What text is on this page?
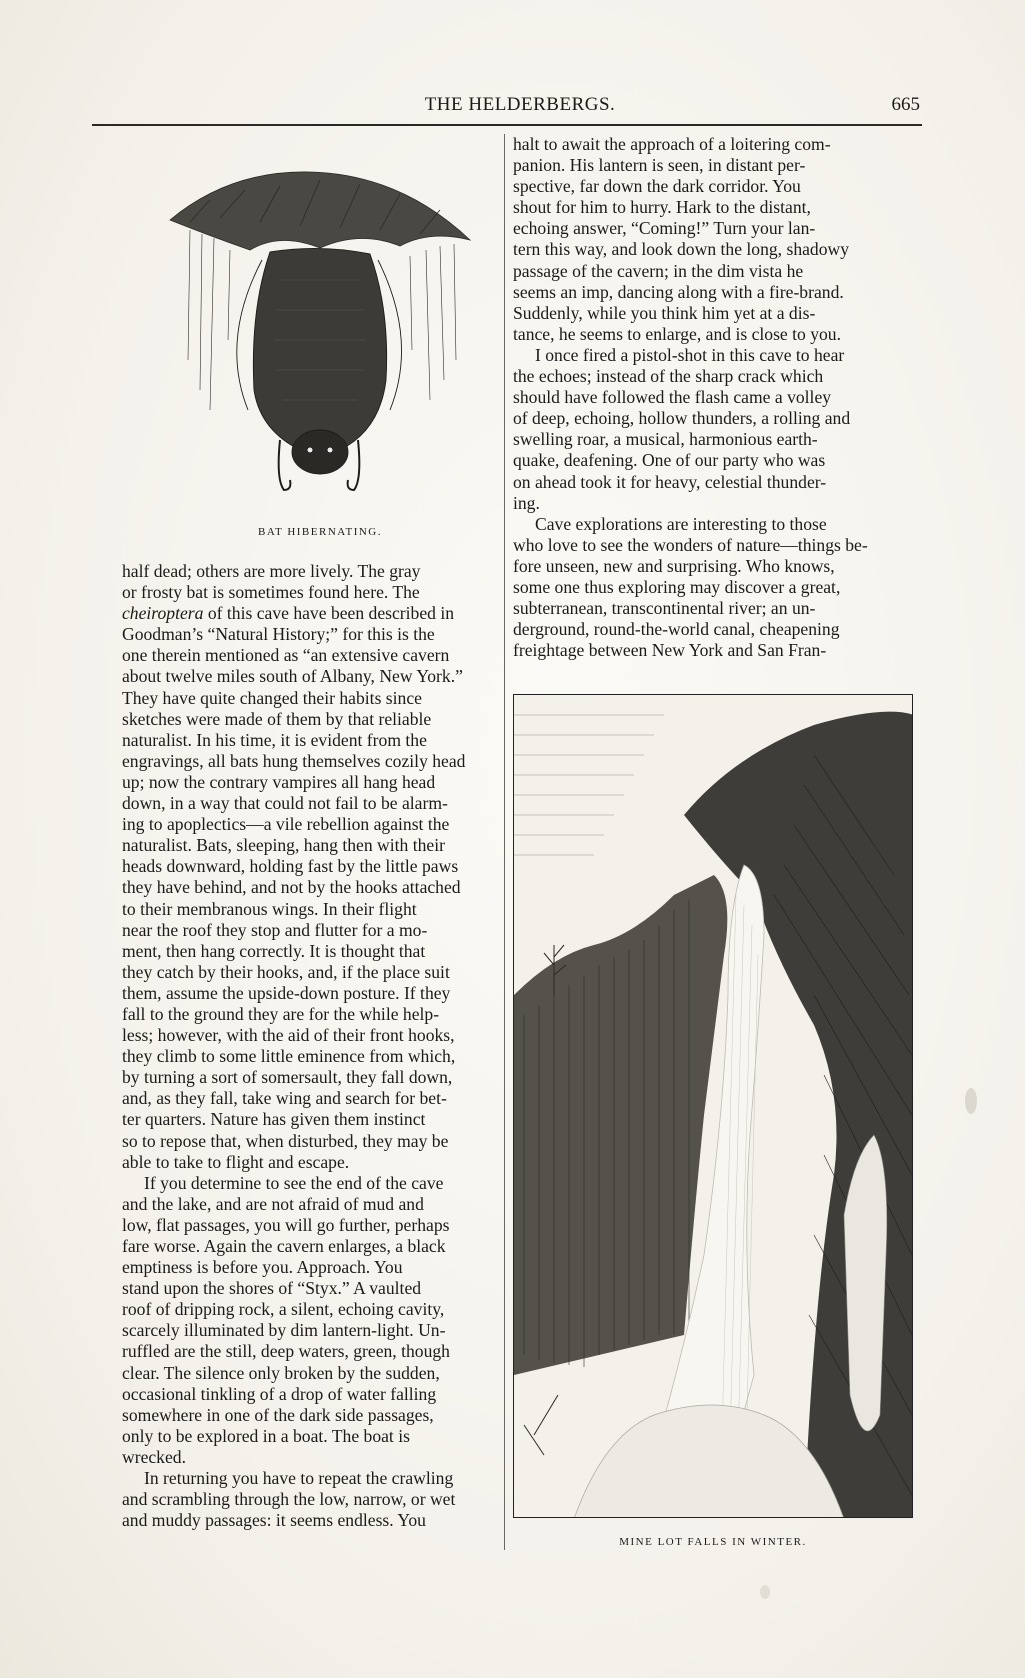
THE HELDERBERGS.	665
BAT HIBERNATING.

half dead; others are more lively. The gray
or frosty bat is sometimes found here. The
cheiroptera of this cave have been described in
Goodman’s “Natural History;” for this is the
one therein mentioned as “an extensive cavern
about twelve miles south of Albany, New York.”
They have quite changed their habits since
sketches were made of them by that reliable
naturalist. In his time, it is evident from the
engravings, all bats hung themselves cozily head
up; now the contrary vampires all hang head
down, in a way that could not fail to be alarm-
ing to apoplectics—a vile rebellion against the
naturalist. Bats, sleeping, hang then with their
heads downward, holding fast by the little paws
they have behind, and not by the hooks attached
to their membranous wings. In their flight
near the roof they stop and flutter for a mo-
ment, then hang correctly. It is thought that
they catch by their hooks, and, if the place suit
them, assume the upside-down posture. If they
fall to the ground they are for the while help-
less; however, with the aid of their front hooks,
they climb to some little eminence from which,
by turning a sort of somersault, they fall down,
and, as they fall, take wing and search for bet-
ter quarters. Nature has given them instinct
so to repose that, when disturbed, they may be
able to take to flight and escape.

If you determine to see the end of the cave
and the lake, and are not afraid of mud and
low, flat passages, you will go further, perhaps
fare worse. Again the cavern enlarges, a black
emptiness is before you. Approach. You
stand upon the shores of “Styx.” A vaulted
roof of dripping rock, a silent, echoing cavity,
scarcely illuminated by dim lantern-light. Un-
ruffled are the still, deep waters, green, though
clear. The silence only broken by the sudden,
occasional tinkling of a drop of water falling
somewhere in one of the dark side passages,
only to be explored in a boat. The boat is
wrecked.

In returning you have to repeat the crawling
and scrambling through the low, narrow, or wet
and muddy passages: it seems endless. You

halt to await the approach of a loitering com-
panion. His lantern is seen, in distant per-
spective, far down the dark corridor. You
shout for him to hurry. Hark to the distant,
echoing answer, “Coming!” Turn your lan-
tern this way, and look down the long, shadowy
passage of the cavern; in the dim vista he
seems an imp, dancing along with a fire-brand.
Suddenly, while you think him yet at a dis-
tance, he seems to enlarge, and is close to you.

I once fired a pistol-shot in this cave to hear
the echoes; instead of the sharp crack which
should have followed the flash came a volley
of deep, echoing, hollow thunders, a rolling and
swelling roar, a musical, harmonious earth-
quake, deafening. One of our party who was
on ahead took it for heavy, celestial thunder-
ing.

Cave explorations are interesting to those
who love to see the wonders of nature—things be-
fore unseen, new and surprising. Who knows,
some one thus exploring may discover a great,
subterranean, transcontinental river; an un-
derground, round-the-world canal, cheapening
freightage between New York and San Fran-

MINE LOT FALLS IN WINTER.
